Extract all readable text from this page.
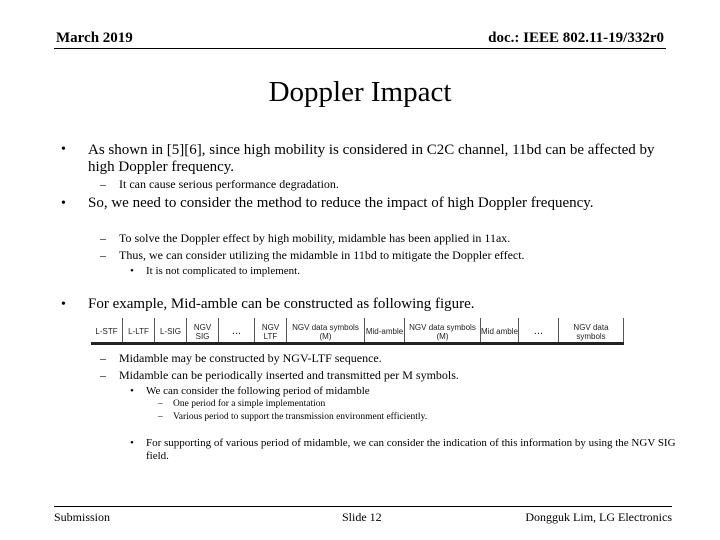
March 2019	doc.: IEEE 802.11-19/332r0
Doppler Impact
• As shown in [5][6], since high mobility is considered in C2C channel, 11bd can be affected by high Doppler frequency.
– It can cause serious performance degradation.
• So, we need to consider the method to reduce the impact of high Doppler frequency.
– To solve the Doppler effect by high mobility, midamble has been applied in 11ax.
– Thus, we can consider utilizing the midamble in 11bd to mitigate the Doppler effect.
• It is not complicated to implement.
• For example, Mid-amble can be constructed as following figure.
L-STF	L-LTF	L-SIG	NGV SIG	...	NGV LTF
NGV data symbols (M)	Mid-amble NGV data symbols (M)	Mid amble	...	NGV data symbols
– Midamble may be constructed by NGV-LTF sequence.
– Midamble can be periodically inserted and transmitted per M symbols.
• We can consider the following period of midamble
– One period for a simple implementation
– Various period to support the transmission environment efficiently.
• For supporting of various period of midamble, we can consider the indication of this information by using the NGV SIG field.
Submission	Slide 12	Dongguk Lim, LG Electronics
